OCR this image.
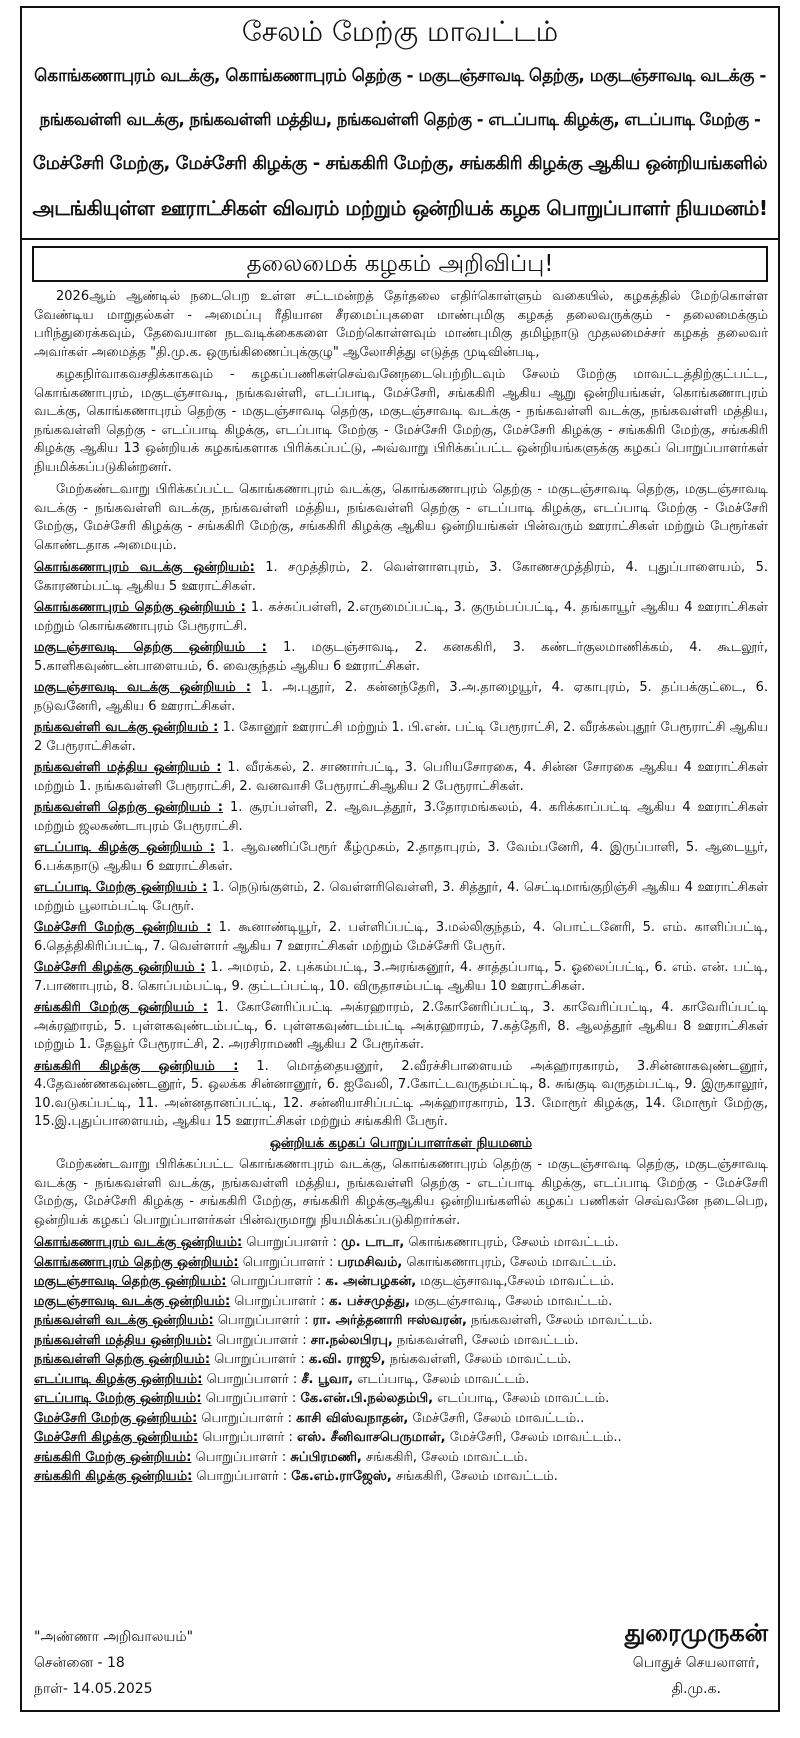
சேலம் மேற்கு மாவட்டம்
கொங்கணாபுரம் வடக்கு, கொங்கணாபுரம் தெற்கு - மகுடஞ்சாவடி தெற்கு, மகுடஞ்சாவடி வடக்கு -
நங்கவள்ளி வடக்கு, நங்கவள்ளி மத்திய, நங்கவள்ளி தெற்கு - எடப்பாடி கிழக்கு, எடப்பாடி மேற்கு -
மேச்சேரி மேற்கு, மேச்சேரி கிழக்கு - சங்ககிரி மேற்கு, சங்ககிரி கிழக்கு ஆகிய ஒன்றியங்களில்
அடங்கியுள்ள ஊராட்சிகள் விவரம் மற்றும் ஒன்றியக் கழக பொறுப்பாளர் நியமனம்!
தலைமைக் கழகம் அறிவிப்பு!

2026ஆம் ஆண்டில் நடைபெற உள்ள சட்டமன்றத் தேர்தலை எதிர்கொள்ளும் வகையில், கழகத்தில் மேற்கொள்ள வேண்டிய மாறுதல்கள் - அமைப்பு ரீதியான சீரமைப்புகளை மாண்புமிகு கழகத் தலைவருக்கும் - தலைமைக்கும் பரிந்துரைக்கவும், தேவையான நடவடிக்கைகளை மேற்கொள்ளவும் மாண்புமிகு தமிழ்நாடு முதலமைச்சர் கழகத் தலைவர் அவர்கள் அமைத்த "தி.மு.க. ஒருங்கிணைப்புக்குழு" ஆலோசித்து எடுத்த முடிவின்படி,

கழகநிர்வாகவசதிக்காகவும் - கழகப்பணிகள்செவ்வனேநடைபெற்றிடவும் சேலம் மேற்கு மாவட்டத்திற்குட்பட்ட, கொங்கணாபுரம், மகுடஞ்சாவடி, நங்கவள்ளி, எடப்பாடி, மேச்சேரி, சங்ககிரி ஆகிய ஆறு ஒன்றியங்கள், கொங்கணாபுரம் வடக்கு, கொங்கணாபுரம் தெற்கு - மகுடஞ்சாவடி தெற்கு, மகுடஞ்சாவடி வடக்கு - நங்கவள்ளி வடக்கு, நங்கவள்ளி மத்திய, நங்கவள்ளி தெற்கு - எடப்பாடி கிழக்கு, எடப்பாடி மேற்கு - மேச்சேரி மேற்கு, மேச்சேரி கிழக்கு - சங்ககிரி மேற்கு, சங்ககிரி கிழக்கு ஆகிய 13 ஒன்றியக் கழகங்களாக பிரிக்கப்பட்டு, அவ்வாறு பிரிக்கப்பட்ட ஒன்றியங்களுக்கு கழகப் பொறுப்பாளர்கள் நியமிக்கப்படுகின்றனர்.

மேற்கண்டவாறு பிரிக்கப்பட்ட கொங்கணாபுரம் வடக்கு, கொங்கணாபுரம் தெற்கு - மகுடஞ்சாவடி தெற்கு, மகுடஞ்சாவடி வடக்கு - நங்கவள்ளி வடக்கு, நங்கவள்ளி மத்திய, நங்கவள்ளி தெற்கு - எடப்பாடி கிழக்கு, எடப்பாடி மேற்கு - மேச்சேரி மேற்கு, மேச்சேரி கிழக்கு - சங்ககிரி மேற்கு, சங்ககிரி கிழக்கு ஆகிய ஒன்றியங்கள் பின்வரும் ஊராட்சிகள் மற்றும் பேரூர்கள் கொண்டதாக அமையும்.

கொங்கணாபுரம் வடக்கு ஒன்றியம்: 1. சமுத்திரம், 2. வெள்ளாளபுரம், 3. கோணசமுத்திரம், 4. புதுப்பாளையம், 5. கோரணம்பட்டி ஆகிய 5 ஊராட்சிகள்.
கொங்கணாபுரம் தெற்கு ஒன்றியம் : 1. கச்சுப்பள்ளி, 2.எருமைப்பட்டி, 3. குரும்பப்பட்டி, 4. தங்காயூர் ஆகிய 4 ஊராட்சிகள் மற்றும் கொங்கணாபுரம் பேரூராட்சி.
மகுடஞ்சாவடி தெற்கு ஒன்றியம் : 1. மகுடஞ்சாவடி, 2. கனககிரி, 3. கண்டர்குலமாணிக்கம், 4. கூடலூர், 5.காளிகவுண்டன்பாளையம், 6. வைகுந்தம் ஆகிய 6 ஊராட்சிகள்.
மகுடஞ்சாவடி வடக்கு ஒன்றியம் : 1. அ.புதூர், 2. கன்னந்தேரி, 3.அ.தாழையூர், 4. ஏகாபுரம், 5. தப்பக்குட்டை, 6. நடுவனேரி, ஆகிய 6 ஊராட்சிகள்.
நங்கவள்ளி வடக்கு ஒன்றியம் : 1. கோனூர் ஊராட்சி மற்றும் 1. பி.என். பட்டி பேரூராட்சி, 2. வீரக்கல்புதூர் பேரூராட்சி ஆகிய 2 பேரூராட்சிகள்.
நங்கவள்ளி மத்திய ஒன்றியம் : 1. வீரக்கல், 2. சாணார்பட்டி, 3. பெரியசோரகை, 4. சின்ன சோரகை ஆகிய 4 ஊராட்சிகள் மற்றும் 1. நங்கவள்ளி பேரூராட்சி, 2. வனவாசி பேரூராட்சிஆகிய 2 பேரூராட்சிகள்.
நங்கவள்ளி தெற்கு ஒன்றியம் : 1. சூரப்பள்ளி, 2. ஆவடத்தூர், 3.தோரமங்கலம், 4. கரிக்காப்பட்டி ஆகிய 4 ஊராட்சிகள் மற்றும் ஜலகண்டாபுரம் பேரூராட்சி.
எடப்பாடி கிழக்கு ஒன்றியம் : 1. ஆவணிப்பேரூர் கீழ்முகம், 2.தாதாபுரம், 3. வேம்பனேரி, 4. இருப்பாளி, 5. ஆடையூர், 6.பக்கநாடு ஆகிய 6 ஊராட்சிகள்.
எடப்பாடி மேற்கு ஒன்றியம் : 1. நெடுங்குளம், 2. வெள்ளரிவெள்ளி, 3. சித்தூர், 4. செட்டிமாங்குறிஞ்சி ஆகிய 4 ஊராட்சிகள் மற்றும் பூலாம்பட்டி பேரூர்.
மேச்சேரி மேற்கு ஒன்றியம் : 1. கூனாண்டியூர், 2. பள்ளிப்பட்டி, 3.மல்லிகுந்தம், 4. பொட்டனேரி, 5. எம். காளிப்பட்டி, 6.தெத்திகிரிப்பட்டி, 7. வெள்ளார் ஆகிய 7 ஊராட்சிகள் மற்றும் மேச்சேரி பேரூர்.
மேச்சேரி கிழக்கு ஒன்றியம் : 1. அமரம், 2. புக்கம்பட்டி, 3.அரங்கனூர், 4. சாத்தப்பாடி, 5. ஓலைப்பட்டி, 6. எம். என். பட்டி, 7.பாணாபுரம், 8. கொப்பம்பட்டி, 9. குட்டப்பட்டி, 10. விருதாசம்பட்டி ஆகிய 10 ஊராட்சிகள்.
சங்ககிரி மேற்கு ஒன்றியம் : 1. கோனேரிப்பட்டி அக்ரஹாரம், 2.கோனேரிப்பட்டி, 3. காவேரிப்பட்டி, 4. காவேரிப்பட்டி அக்ரஹாரம், 5. புள்ளகவுண்டம்பட்டி, 6. புள்ளகவுண்டம்பட்டி அக்ரஹாரம், 7.கத்தேரி, 8. ஆலத்தூர் ஆகிய 8 ஊராட்சிகள் மற்றும் 1. தேவூர் பேரூராட்சி, 2. அரசிராமணி ஆகிய 2 பேரூர்கள்.
சங்ககிரி கிழக்கு ஒன்றியம் : 1. மொத்தையனூர், 2.வீரச்சிபாளையம் அக்ஹாரகாரம், 3.சின்னாகவுண்டனூர், 4.தேவண்ணகவுண்டனூர், 5. ஒலக்க சின்னானூர், 6. ஐவேலி, 7.கோட்டவருதம்பட்டி, 8. சுங்குடி வருதம்பட்டி, 9. இருகாலூர், 10.வடுகப்பட்டி, 11. அன்னதானப்பட்டி, 12. சன்னியாசிப்பட்டி அக்ஹாரகாரம், 13. மோரூர் கிழக்கு, 14. மோரூர் மேற்கு, 15.இ.புதுப்பாளையம், ஆகிய 15 ஊராட்சிகள் மற்றும் சங்ககிரி பேரூர்.
ஒன்றியக் கழகப் பொறுப்பாளர்கள் நியமனம்

மேற்கண்டவாறு பிரிக்கப்பட்ட கொங்கணாபுரம் வடக்கு, கொங்கணாபுரம் தெற்கு - மகுடஞ்சாவடி தெற்கு, மகுடஞ்சாவடி வடக்கு - நங்கவள்ளி வடக்கு, நங்கவள்ளி மத்திய, நங்கவள்ளி தெற்கு - எடப்பாடி கிழக்கு, எடப்பாடி மேற்கு - மேச்சேரி மேற்கு, மேச்சேரி கிழக்கு - சங்ககிரி மேற்கு, சங்ககிரி கிழக்குஆகிய ஒன்றியங்களில் கழகப் பணிகள் செவ்வனே நடைபெற, ஒன்றியக் கழகப் பொறுப்பாளர்கள் பின்வருமாறு நியமிக்கப்படுகிறார்கள்.

கொங்கணாபுரம் வடக்கு ஒன்றியம்: பொறுப்பாளர் : மு. டாடா, கொங்கணாபுரம், சேலம் மாவட்டம்.
கொங்கணாபுரம் தெற்கு ஒன்றியம்: பொறுப்பாளர் : பரமசிவம், கொங்கணாபுரம், சேலம் மாவட்டம்.
மகுடஞ்சாவடி தெற்கு ஒன்றியம்: பொறுப்பாளர் : க. அன்பழகன், மகுடஞ்சாவடி,சேலம் மாவட்டம்.
மகுடஞ்சாவடி வடக்கு ஒன்றியம்: பொறுப்பாளர் : க. பச்சமுத்து, மகுடஞ்சாவடி, சேலம் மாவட்டம்.
நங்கவள்ளி வடக்கு ஒன்றியம்: பொறுப்பாளர் : ரா. அர்த்தனாரி ஈஸ்வரன், நங்கவள்ளி, சேலம் மாவட்டம்.
நங்கவள்ளி மத்திய ஒன்றியம்: பொறுப்பாளர் : சா.நல்லபிரபு, நங்கவள்ளி, சேலம் மாவட்டம்.
நங்கவள்ளி தெற்கு ஒன்றியம்: பொறுப்பாளர் : க.வி. ராஜூ, நங்கவள்ளி, சேலம் மாவட்டம்.
எடப்பாடி கிழக்கு ஒன்றியம்: பொறுப்பாளர் : சீ. பூவா, எடப்பாடி, சேலம் மாவட்டம்.
எடப்பாடி மேற்கு ஒன்றியம்: பொறுப்பாளர் : கே.என்.பி.நல்லதம்பி, எடப்பாடி, சேலம் மாவட்டம்.
மேச்சேரி மேற்கு ஒன்றியம்: பொறுப்பாளர் : காசி விஸ்வநாதன், மேச்சேரி, சேலம் மாவட்டம்..
மேச்சேரி கிழக்கு ஒன்றியம்: பொறுப்பாளர் : எஸ். சீனிவாசபெருமாள், மேச்சேரி, சேலம் மாவட்டம்..
சங்ககிரி மேற்கு ஒன்றியம்: பொறுப்பாளர் : சுப்பிரமணி, சங்ககிரி, சேலம் மாவட்டம்.
சங்ககிரி கிழக்கு ஒன்றியம்: பொறுப்பாளர் : கே.எம்.ராஜேஸ், சங்ககிரி, சேலம் மாவட்டம்.
"அண்ணா அறிவாலயம்"
சென்னை - 18
நாள்- 14.05.2025
துரைமுருகன்
பொதுச் செயலாளர்,
தி.மு.க.
